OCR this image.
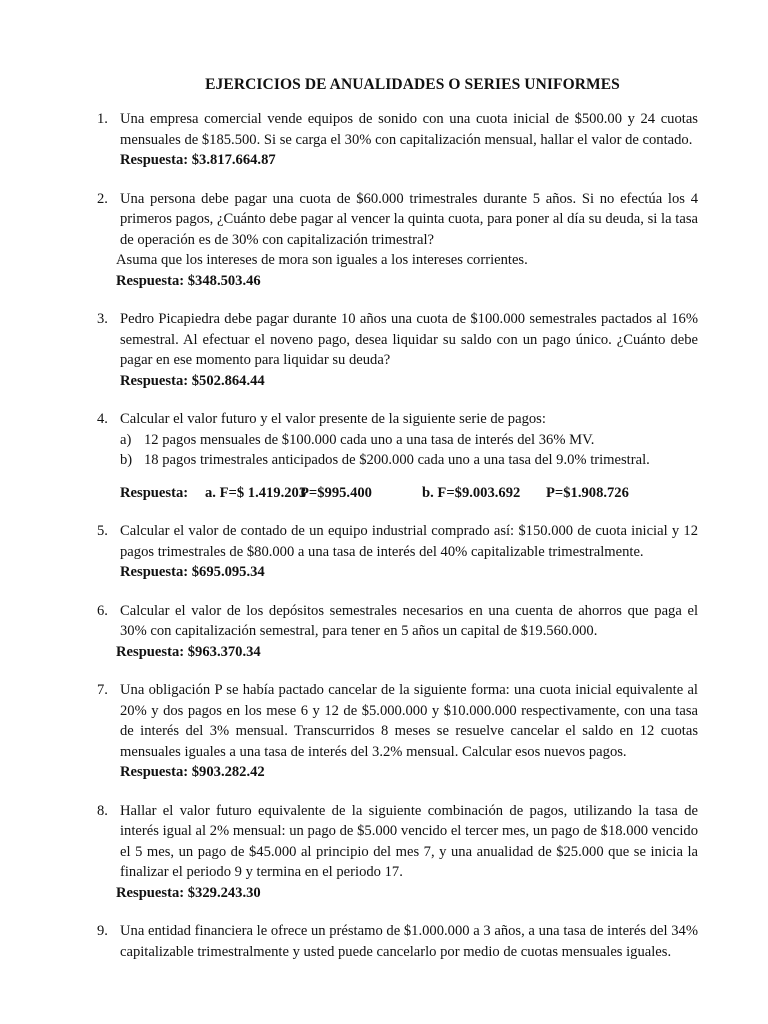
EJERCICIOS DE ANUALIDADES O SERIES UNIFORMES
1. Una empresa comercial vende equipos de sonido con una cuota inicial de $500.00 y 24 cuotas mensuales de $185.500. Si se carga el 30% con capitalización mensual, hallar el valor de contado.
Respuesta: $3.817.664.87
2. Una persona debe pagar una cuota de $60.000 trimestrales durante 5 años. Si no efectúa los 4 primeros pagos, ¿Cuánto debe pagar al vencer la quinta cuota, para poner al día su deuda, si la tasa de operación es de 30% con capitalización trimestral?
Asuma que los intereses de mora son iguales a los intereses corrientes.
Respuesta: $348.503.46
3. Pedro Picapiedra debe pagar durante 10 años una cuota de $100.000 semestrales pactados al 16% semestral. Al efectuar el noveno pago, desea liquidar su saldo con un pago único. ¿Cuánto debe pagar en ese momento para liquidar su deuda?
Respuesta: $502.864.44
4. Calcular el valor futuro y el valor presente de la siguiente serie de pagos:
a) 12 pagos mensuales de $100.000 cada uno a una tasa de interés del 36% MV.
b) 18 pagos trimestrales anticipados de $200.000 cada uno a una tasa del 9.0% trimestral.
Respuesta:	a. F=$ 1.419.203
P=$995.400	b. F=$9.003.692	P=$1.908.726
5. Calcular el valor de contado de un equipo industrial comprado así: $150.000 de cuota inicial y 12 pagos trimestrales de $80.000 a una tasa de interés del 40% capitalizable trimestralmente.
Respuesta: $695.095.34
6. Calcular el valor de los depósitos semestrales necesarios en una cuenta de ahorros que paga el 30% con capitalización semestral, para tener en 5 años un capital de $19.560.000.
Respuesta: $963.370.34
7. Una obligación P se había pactado cancelar de la siguiente forma: una cuota inicial equivalente al 20% y dos pagos en los mese 6 y 12 de $5.000.000 y $10.000.000 respectivamente, con una tasa de interés del 3% mensual. Transcurridos 8 meses se resuelve cancelar el saldo en 12 cuotas mensuales iguales a una tasa de interés del 3.2% mensual. Calcular esos nuevos pagos.
Respuesta: $903.282.42
8. Hallar el valor futuro equivalente de la siguiente combinación de pagos, utilizando la tasa de interés igual al 2% mensual: un pago de $5.000 vencido el tercer mes, un pago de $18.000 vencido el 5 mes, un pago de $45.000 al principio del mes 7, y una anualidad de $25.000 que se inicia la finalizar el periodo 9 y termina en el periodo 17.
Respuesta: $329.243.30
9. Una entidad financiera le ofrece un préstamo de $1.000.000 a 3 años, a una tasa de interés del 34% capitalizable trimestralmente y usted puede cancelarlo por medio de cuotas mensuales iguales.
